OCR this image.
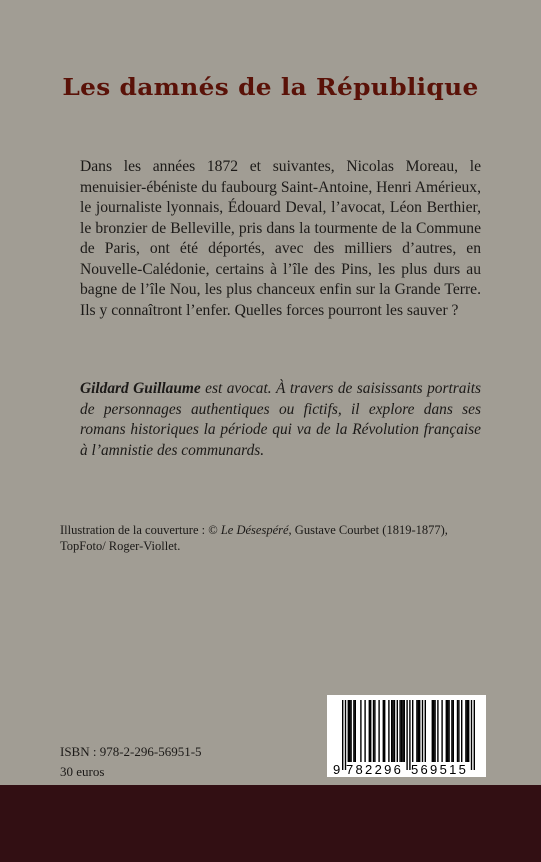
Les damnés de la République

Dans les années 1872 et suivantes, Nicolas Moreau, le menuisier-ébéniste du faubourg Saint-Antoine, Henri Amérieux, le journaliste lyonnais, Édouard Deval, l’avocat, Léon Berthier, le bronzier de Belleville, pris dans la tourmente de la Commune de Paris, ont été déportés, avec des milliers d’autres, en Nouvelle-Calédonie, certains à l’île des Pins, les plus durs au bagne de l’île Nou, les plus chanceux enfin sur la Grande Terre. Ils y connaîtront l’enfer. Quelles forces pourront les sauver ?

Gildard Guillaume est avocat. À travers de saisissants portraits de personnages authentiques ou fictifs, il explore dans ses romans historiques la période qui va de la Révolution française à l’amnistie des communards.

Illustration de la couverture : © Le Désespéré, Gustave Courbet (1819-1877), TopFoto/ Roger-Viollet.

ISBN : 978-2-296-56951-5
30 euros	9 782296 569515
